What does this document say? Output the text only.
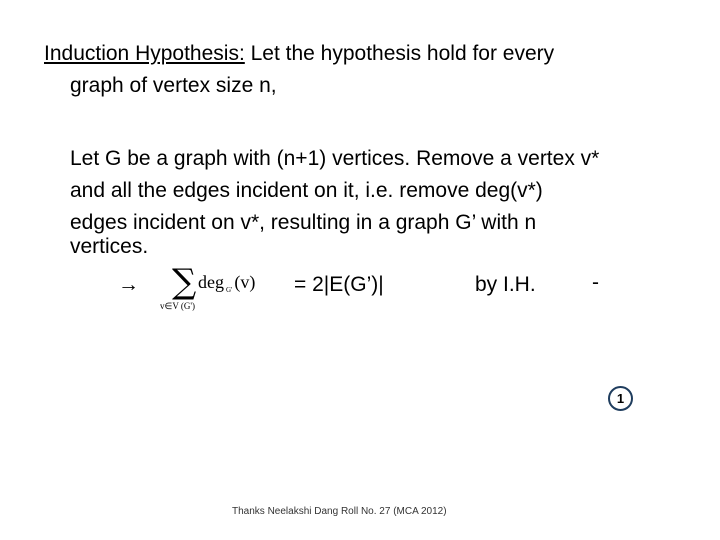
Induction Hypothesis: Let the hypothesis hold for every
graph of vertex size n,
Let G be a graph with (n+1) vertices. Remove a vertex v*
and all the edges incident on it, i.e. remove deg(v*)
edges incident on v*, resulting in a graph G’ with n
vertices.
→ ∑ deg $_{G'}$ (v)
v∈V (G')
= 2|E(G’)|	by I.H.	-
1
Thanks Neelakshi Dang Roll No. 27 (MCA 2012)
